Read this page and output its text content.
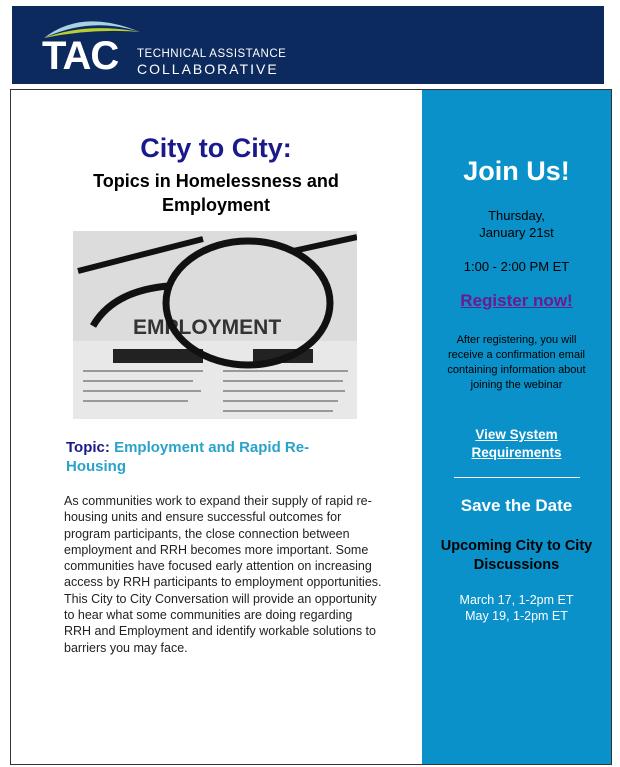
TAC TECHNICAL ASSISTANCE
COLLABORATIVE
City to City:
Topics in Homelessness and Employment
EMPLOYMENT
Topic: Employment and Rapid Re-Housing
As communities work to expand their supply of rapid re-housing units and ensure successful outcomes for program participants, the close connection between employment and RRH becomes more important. Some communities have focused early attention on increasing access by RRH participants to employment opportunities. This City to City Conversation will provide an opportunity to hear what some communities are doing regarding RRH and Employment and identify workable solutions to barriers you may face.
Join Us!
Thursday,
January 21st
1:00 - 2:00 PM ET
Register now!
After registering, you will receive a confirmation email containing information about joining the webinar
View System
Requirements
Save the Date
Upcoming City to City Discussions
March 17, 1-2pm ET
May 19, 1-2pm ET
